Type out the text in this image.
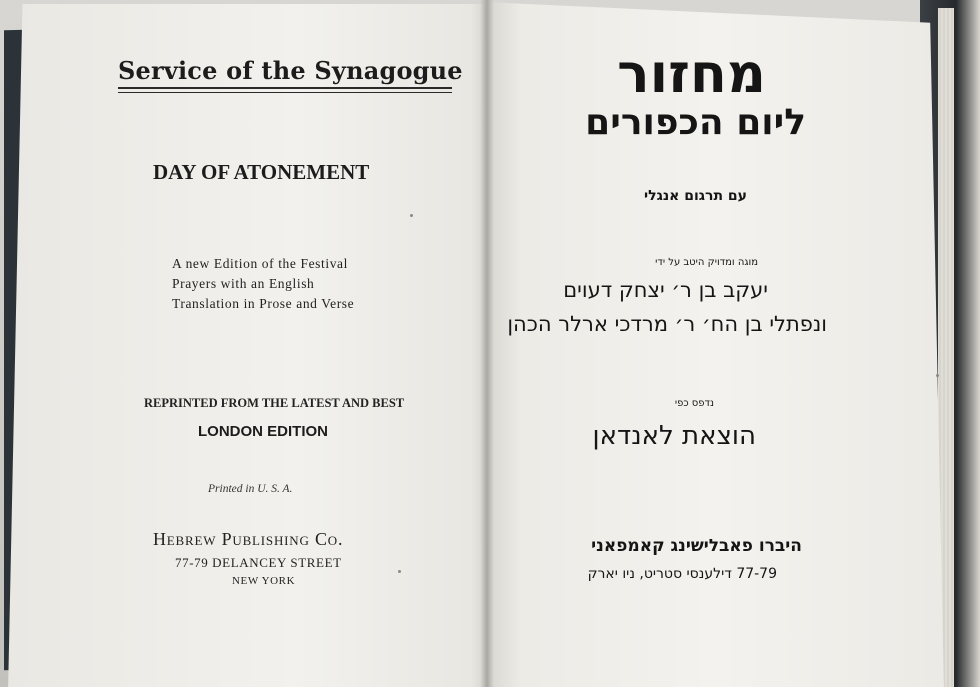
Service of the Synagogue
DAY OF ATONEMENT
A new Edition of the Festival
Prayers with an English
Translation in Prose and Verse
REPRINTED FROM THE LATEST AND BEST
LONDON EDITION
Printed in U. S. A.
Hebrew Publishing Co.
77-79 DELANCEY STREET
NEW YORK
מחזור
ליום הכפורים
עם תרגום אנגלי
מוגה ומדויק היטב על ידי
יעקב בן ר׳ יצחק דעוים
ונפתלי בן הח׳ ר׳ מרדכי ארלר הכהן
נדפס כפי
הוצאת לאנדאן
היברו פאבלישינג קאמפאני
77-79 דילענסי סטריט, ניו יארק
